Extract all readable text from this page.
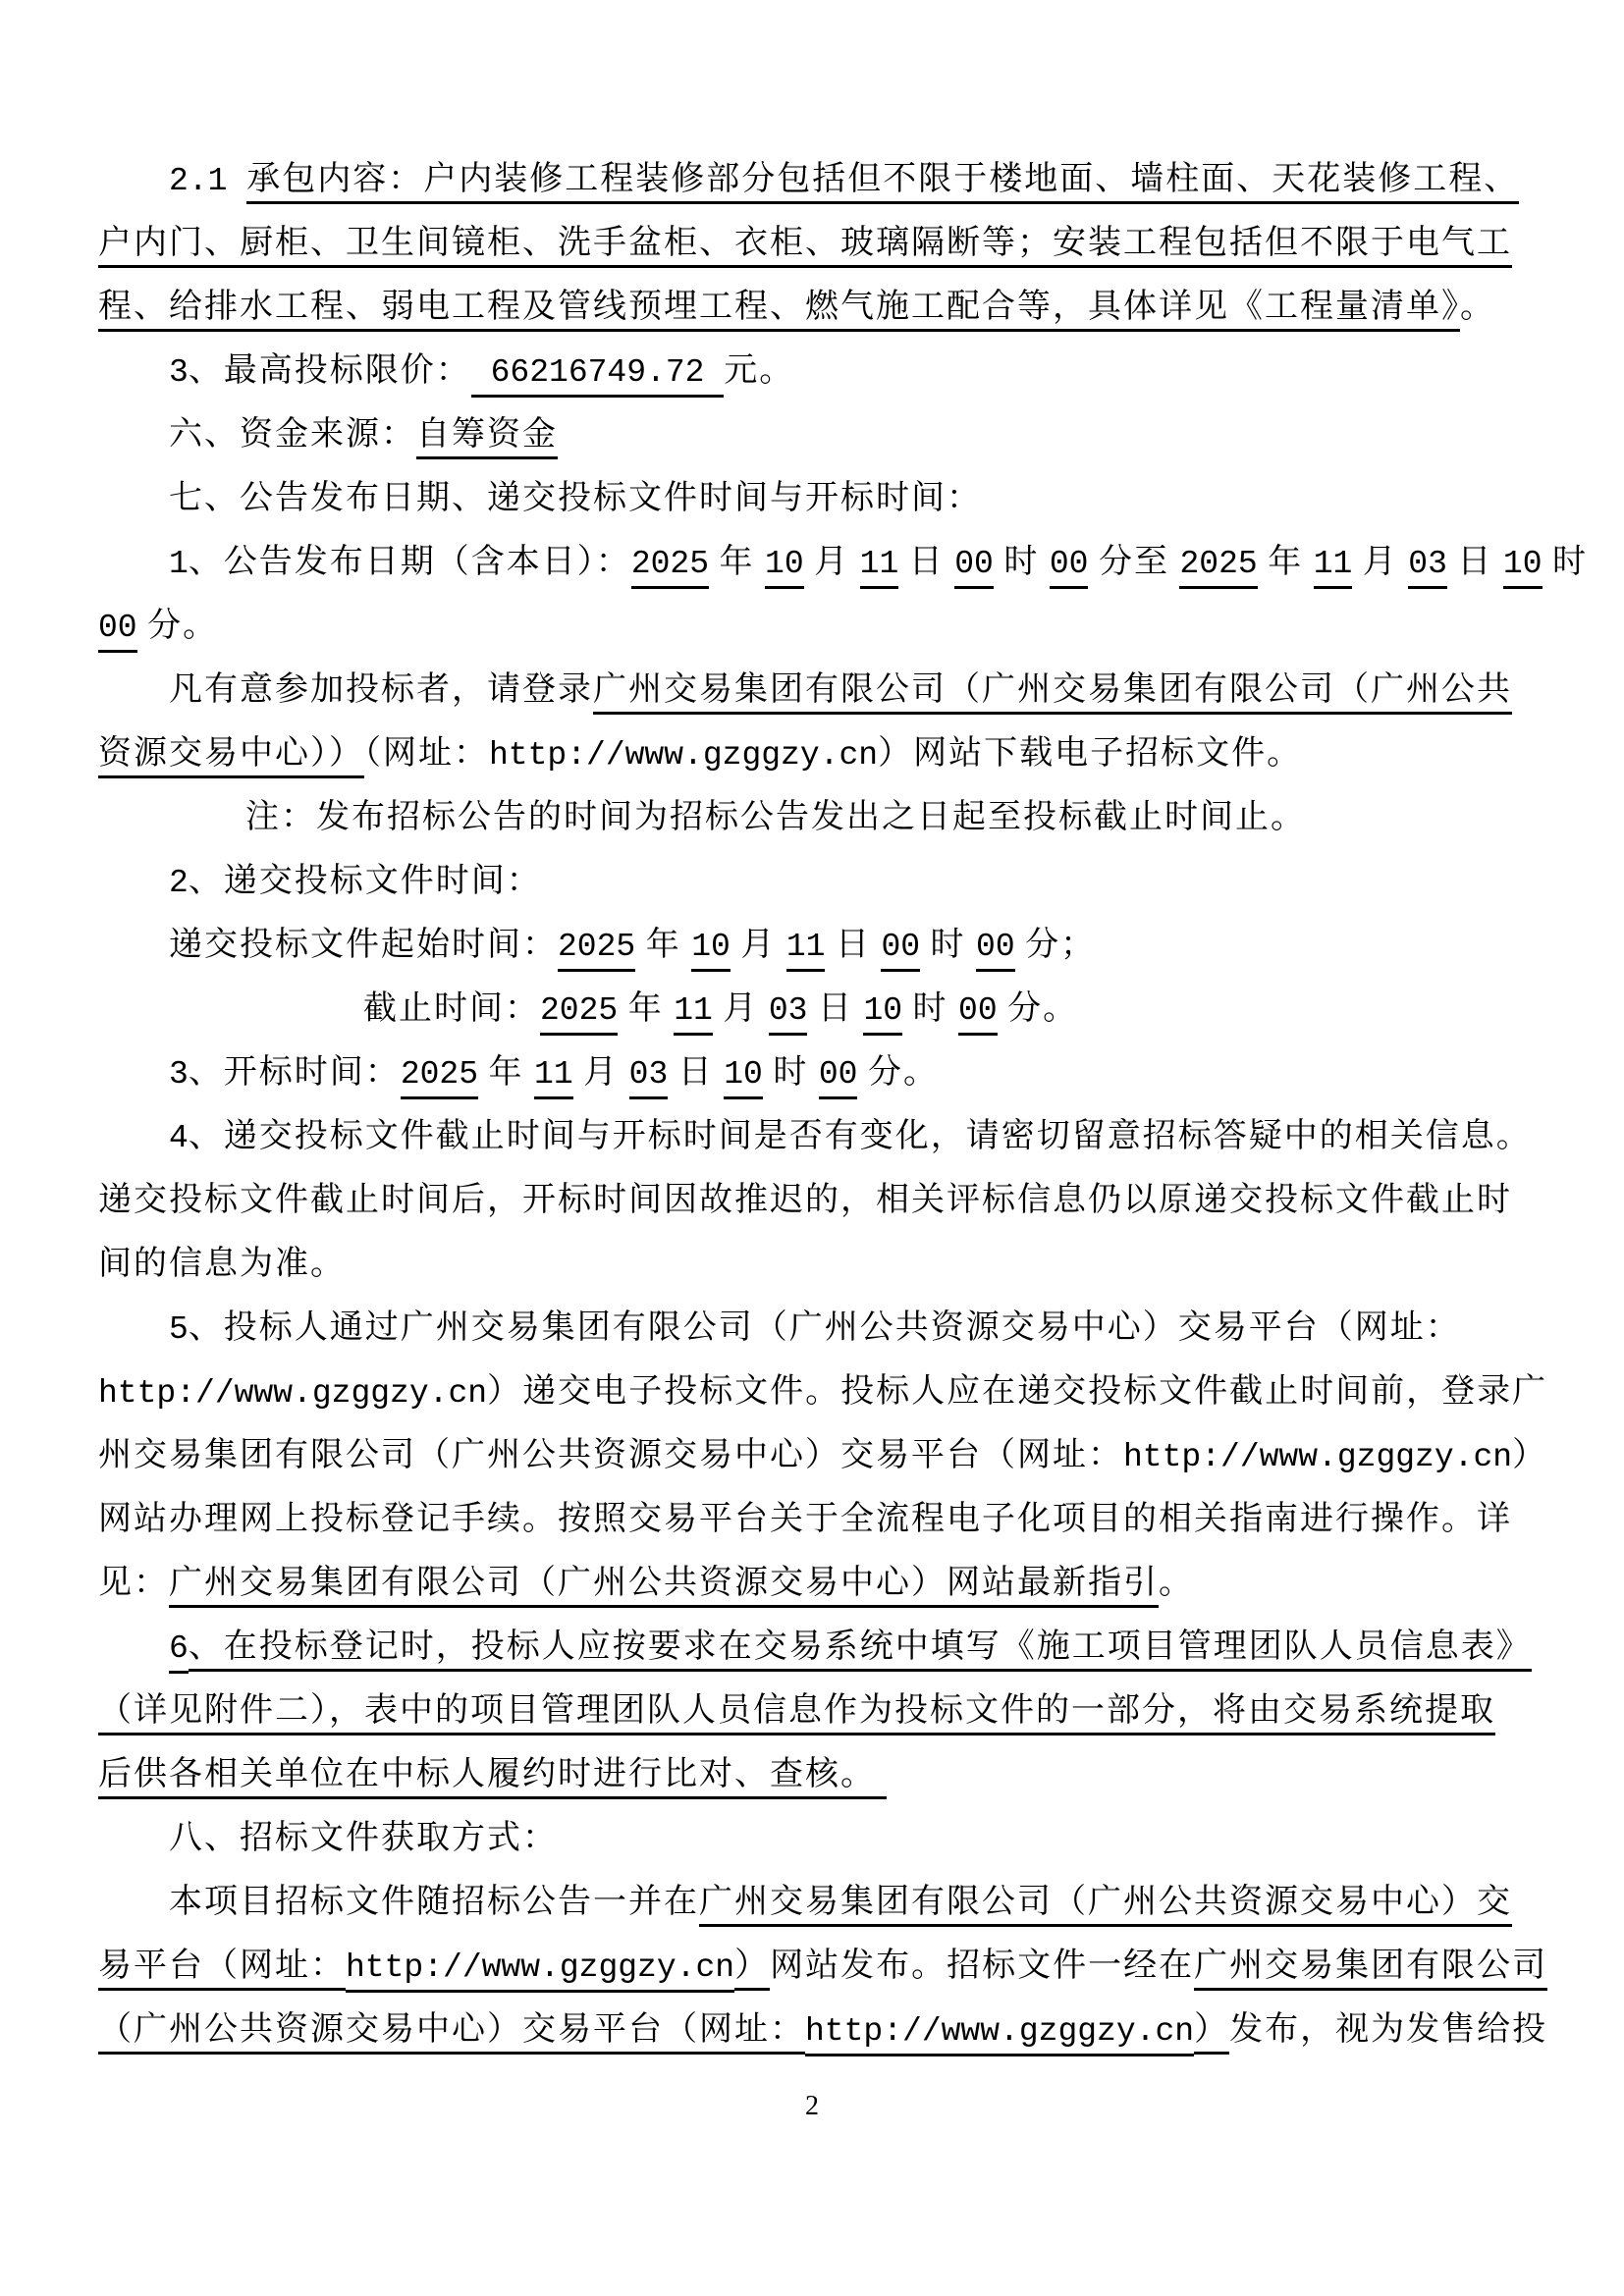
2.1 承包内容：户内装修工程装修部分包括但不限于楼地面、墙柱面、天花装修工程、
户内门、厨柜、卫生间镜柜、洗手盆柜、衣柜、玻璃隔断等；安装工程包括但不限于电气工
程、给排水工程、弱电工程及管线预埋工程、燃气施工配合等，具体详见《工程量清单》。
3、最高投标限价： 66216749.72 元。
六、资金来源：自筹资金
七、公告发布日期、递交投标文件时间与开标时间：
1、公告发布日期（含本日）：2025 年 10 月 11 日 00 时 00 分至 2025 年 11 月 03 日 10 时
00 分。
凡有意参加投标者，请登录广州交易集团有限公司（广州交易集团有限公司（广州公共
资源交易中心））（网址：http://www.gzggzy.cn）网站下载电子招标文件。
注：发布招标公告的时间为招标公告发出之日起至投标截止时间止。
2、递交投标文件时间：
递交投标文件起始时间：2025 年 10 月 11 日 00 时 00 分；
截止时间：2025 年 11 月 03 日 10 时 00 分。
3、开标时间：2025 年 11 月 03 日 10 时 00 分。
4、递交投标文件截止时间与开标时间是否有变化，请密切留意招标答疑中的相关信息。
递交投标文件截止时间后，开标时间因故推迟的，相关评标信息仍以原递交投标文件截止时
间的信息为准。
5、投标人通过广州交易集团有限公司（广州公共资源交易中心）交易平台（网址：
http://www.gzggzy.cn）递交电子投标文件。投标人应在递交投标文件截止时间前，登录广
州交易集团有限公司（广州公共资源交易中心）交易平台（网址：http://www.gzggzy.cn）
网站办理网上投标登记手续。按照交易平台关于全流程电子化项目的相关指南进行操作。详
见：广州交易集团有限公司（广州公共资源交易中心）网站最新指引。
6、在投标登记时，投标人应按要求在交易系统中填写《施工项目管理团队人员信息表》
（详见附件二），表中的项目管理团队人员信息作为投标文件的一部分，将由交易系统提取
后供各相关单位在中标人履约时进行比对、查核。
八、招标文件获取方式：
本项目招标文件随招标公告一并在广州交易集团有限公司（广州公共资源交易中心）交
易平台（网址：http://www.gzggzy.cn）网站发布。招标文件一经在广州交易集团有限公司
（广州公共资源交易中心）交易平台（网址：http://www.gzggzy.cn）发布，视为发售给投
2
